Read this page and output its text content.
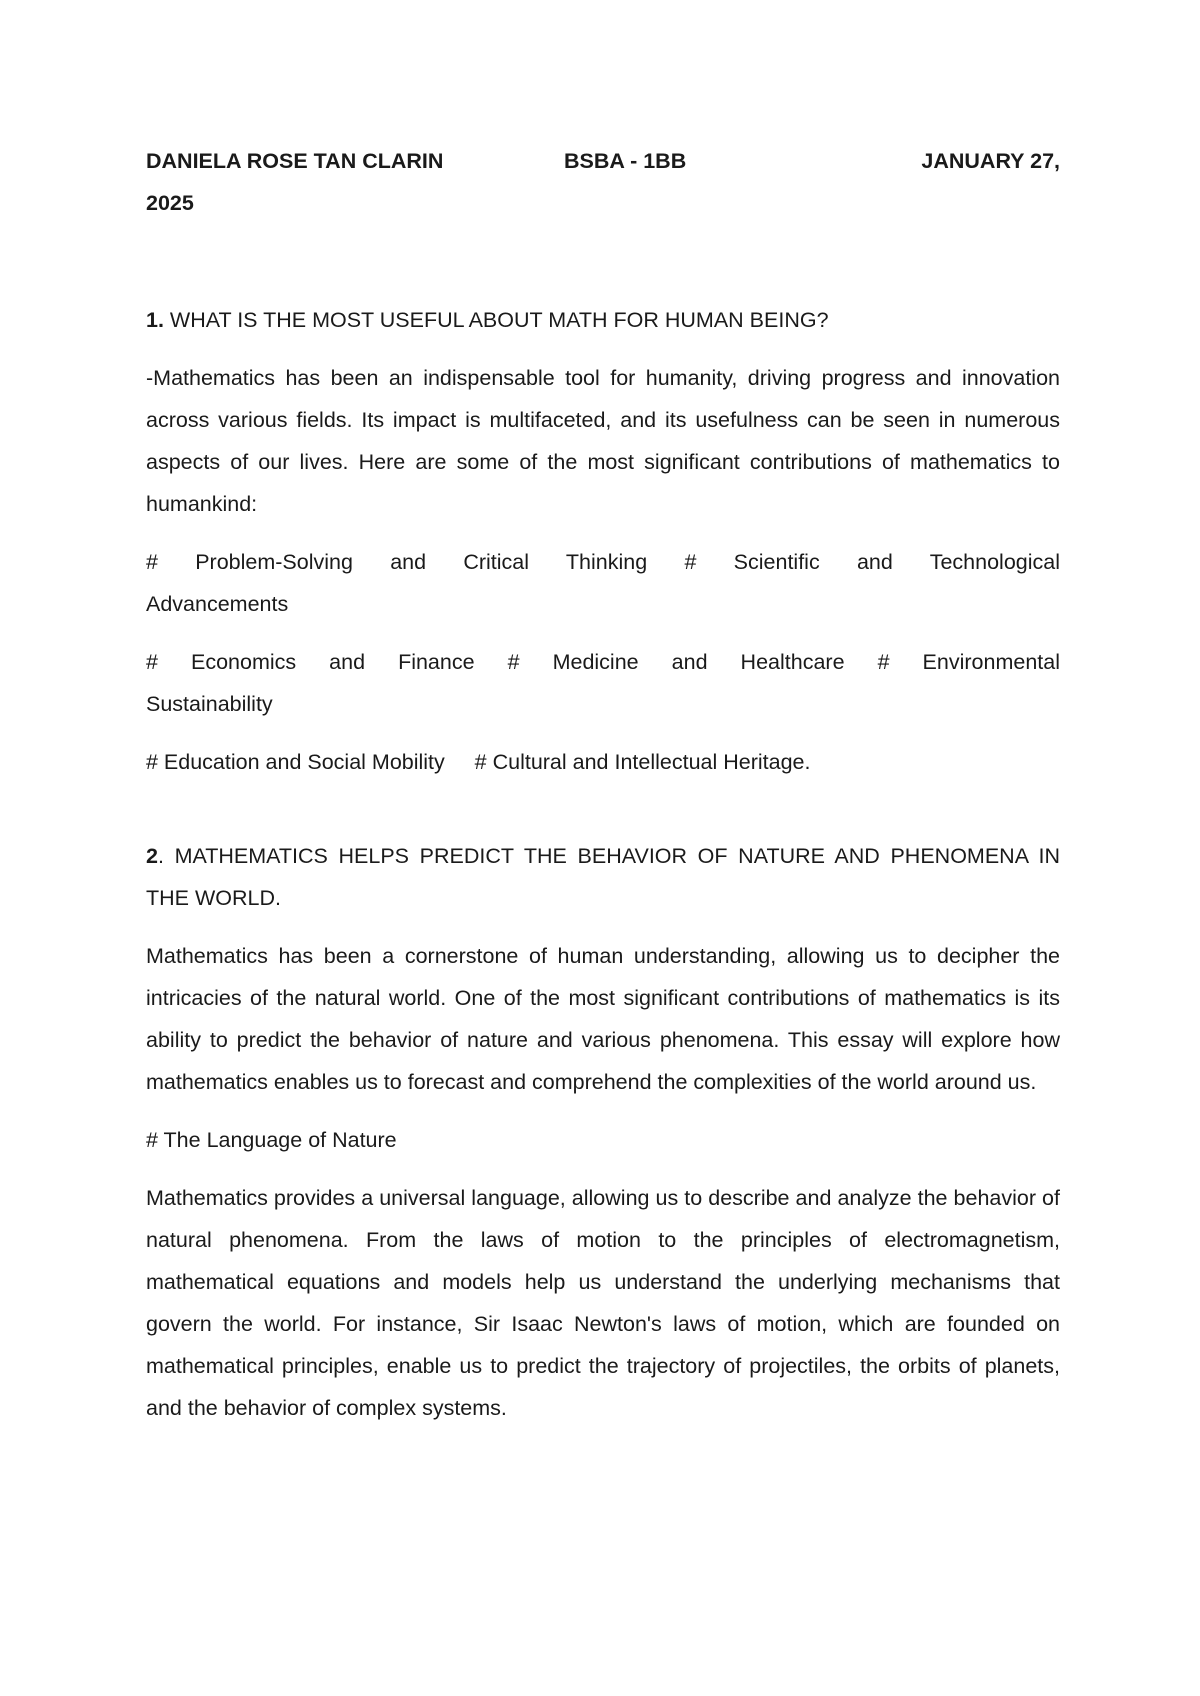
DANIELA ROSE TAN CLARIN	BSBA - 1BB	JANUARY 27,
2025

1. WHAT IS THE MOST USEFUL ABOUT MATH FOR HUMAN BEING?

-Mathematics has been an indispensable tool for humanity, driving progress and innovation across various fields. Its impact is multifaceted, and its usefulness can be seen in numerous aspects of our lives. Here are some of the most significant contributions of mathematics to humankind:

# Problem-Solving and Critical Thinking # Scientific and Technological

Advancements

# Economics and Finance # Medicine and Healthcare # Environmental

Sustainability

# Education and Social Mobility     # Cultural and Intellectual Heritage.

2. MATHEMATICS HELPS PREDICT THE BEHAVIOR OF NATURE AND PHENOMENA IN THE WORLD.

Mathematics has been a cornerstone of human understanding, allowing us to decipher the intricacies of the natural world. One of the most significant contributions of mathematics is its ability to predict the behavior of nature and various phenomena. This essay will explore how mathematics enables us to forecast and comprehend the complexities of the world around us.

# The Language of Nature

Mathematics provides a universal language, allowing us to describe and analyze the behavior of natural phenomena. From the laws of motion to the principles of electromagnetism, mathematical equations and models help us understand the underlying mechanisms that govern the world. For instance, Sir Isaac Newton's laws of motion, which are founded on mathematical principles, enable us to predict the trajectory of projectiles, the orbits of planets, and the behavior of complex systems.
